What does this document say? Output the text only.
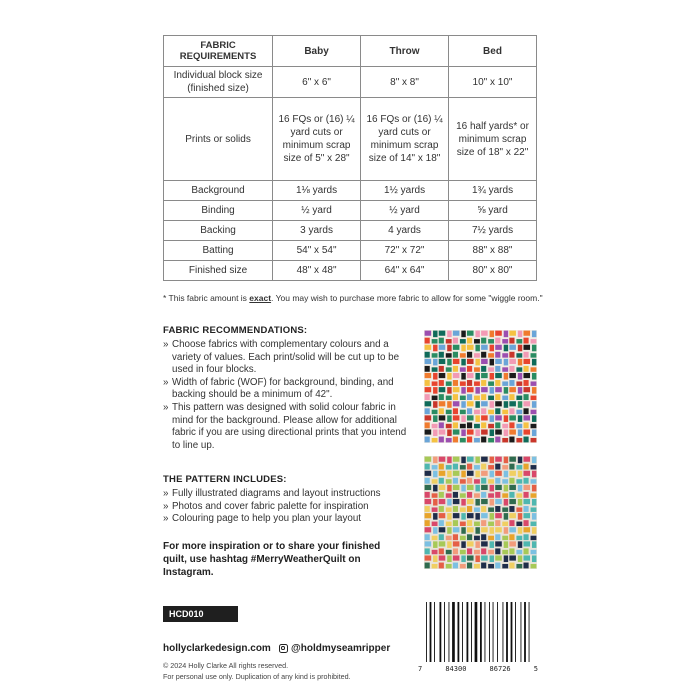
FABRIC REQUIREMENTS	Baby	Throw	Bed
Individual block size (finished size)	6" x 6"	8" x 8"	10" x 10"
Prints or solids	16 FQs or (16) ¼ yard cuts or minimum scrap size of 5" x 28"	16 FQs or (16) ¼ yard cuts or minimum scrap size of 14" x 18"	16 half yards* or minimum scrap size of 18" x 22"
Background	1⅛ yards	1½ yards	1¾ yards
Binding	½ yard	½ yard	⅝ yard
Backing	3 yards	4 yards	7½ yards
Batting	54" x 54"	72" x 72"	88" x 88"
Finished size	48" x 48"	64" x 64"	80" x 80"
* This fabric amount is exact. You may wish to purchase more fabric to allow for some "wiggle room."
FABRIC RECOMMENDATIONS:
» Choose fabrics with complementary colours and a variety of values. Each print/solid will be cut up to be used in four blocks.
» Width of fabric (WOF) for background, binding, and backing should be a minimum of 42".
» This pattern was designed with solid colour fabric in mind for the background. Please allow for additional fabric if you are using directional prints that you intend to line up.
THE PATTERN INCLUDES:
» Fully illustrated diagrams and layout instructions
» Photos and cover fabric palette for inspiration
» Colouring page to help you plan your layout
For more inspiration or to share your finished quilt, use hashtag #MerryWeatherQuilt on Instagram.
HCD010
hollyclarkedesign.com @holdmyseamripper
© 2024 Holly Clarke All rights reserved.
For personal use only. Duplication of any kind is prohibited.
7	84300	86726	5
